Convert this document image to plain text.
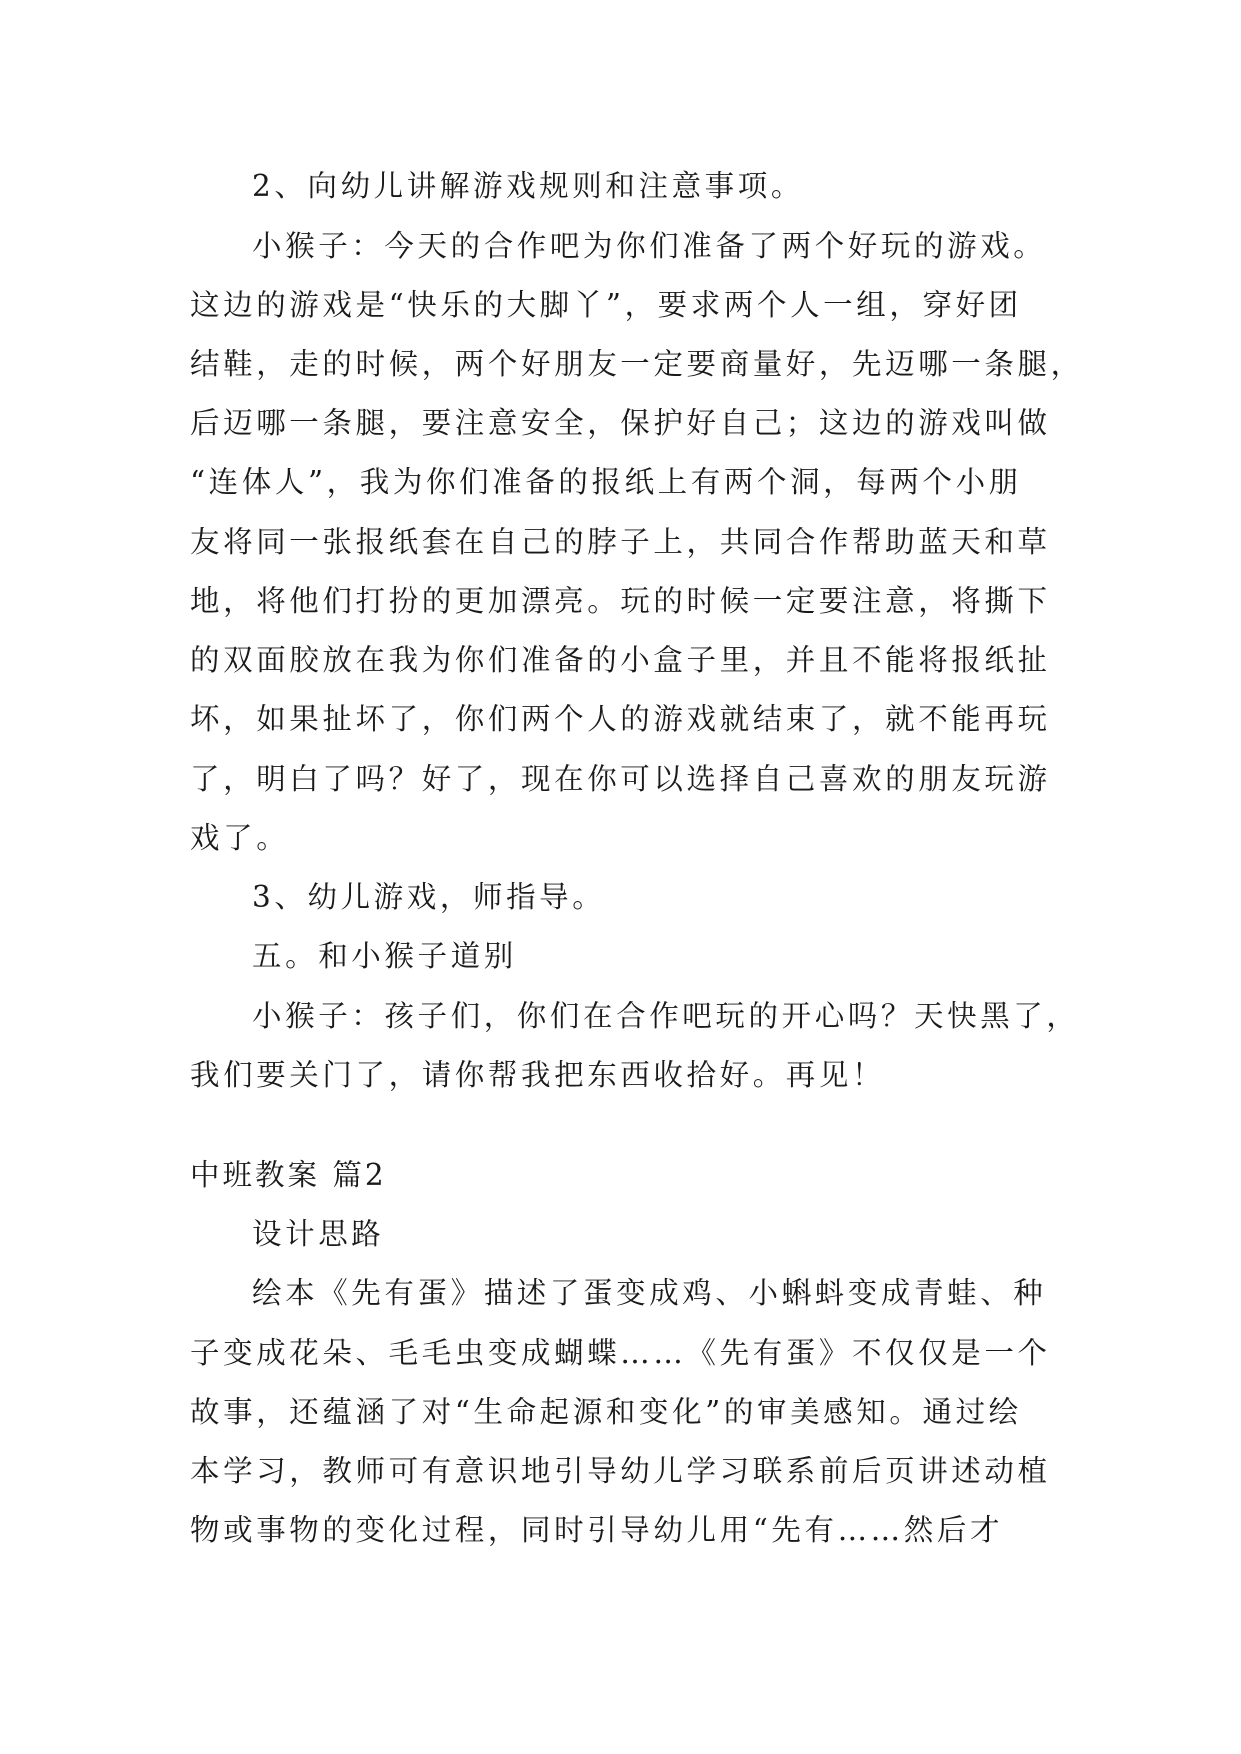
2、向幼儿讲解游戏规则和注意事项。
小猴子：今天的合作吧为你们准备了两个好玩的游戏。
这边的游戏是“快乐的大脚丫”，要求两个人一组，穿好团
结鞋，走的时候，两个好朋友一定要商量好，先迈哪一条腿，
后迈哪一条腿，要注意安全，保护好自己；这边的游戏叫做
“连体人”，我为你们准备的报纸上有两个洞，每两个小朋
友将同一张报纸套在自己的脖子上，共同合作帮助蓝天和草
地，将他们打扮的更加漂亮。玩的时候一定要注意，将撕下
的双面胶放在我为你们准备的小盒子里，并且不能将报纸扯
坏，如果扯坏了，你们两个人的游戏就结束了，就不能再玩
了，明白了吗？好了，现在你可以选择自己喜欢的朋友玩游
戏了。
3、幼儿游戏，师指导。
五。和小猴子道别
小猴子：孩子们，你们在合作吧玩的开心吗？天快黑了，
我们要关门了，请你帮我把东西收拾好。再见！
中班教案 篇2
设计思路
绘本《先有蛋》描述了蛋变成鸡、小蝌蚪变成青蛙、种
子变成花朵、毛毛虫变成蝴蝶……《先有蛋》不仅仅是一个
故事，还蕴涵了对“生命起源和变化”的审美感知。通过绘
本学习，教师可有意识地引导幼儿学习联系前后页讲述动植
物或事物的变化过程，同时引导幼儿用“先有……然后才
